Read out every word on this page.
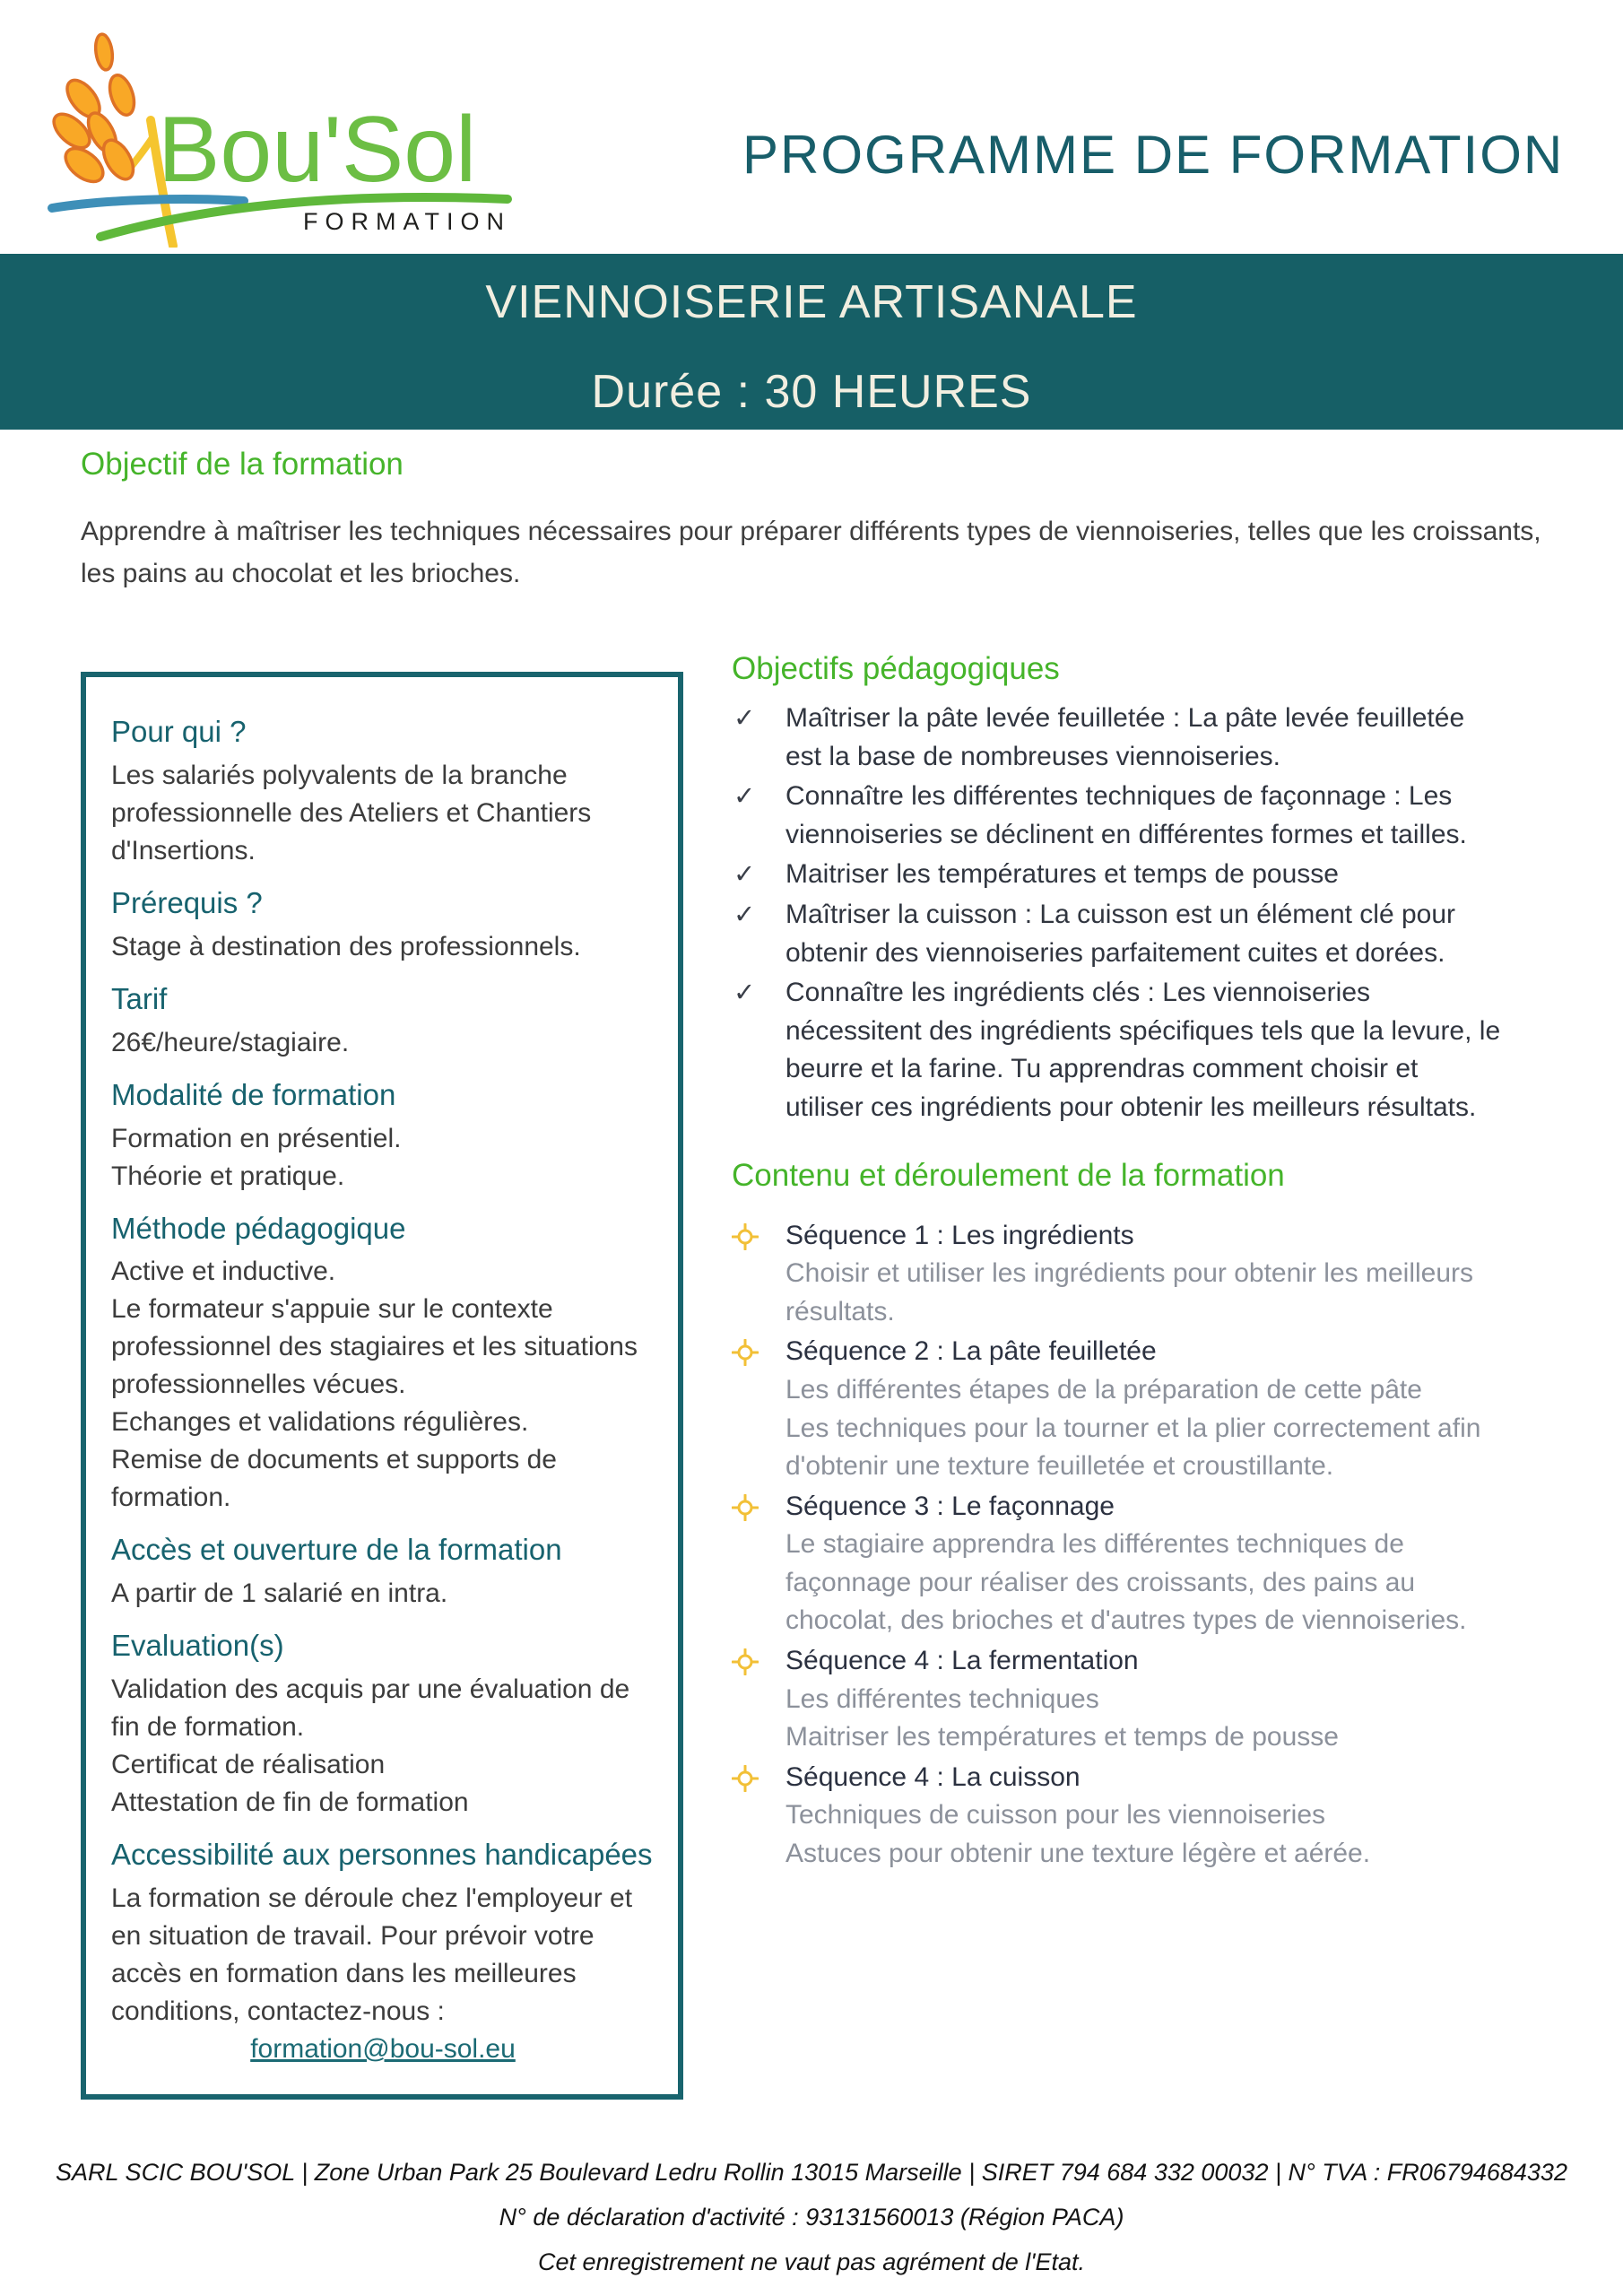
Bou'Sol
FORMATION
PROGRAMME DE FORMATION
VIENNOISERIE ARTISANALE
Durée : 30 HEURES
Objectif de la formation

Apprendre à maîtriser les techniques nécessaires pour préparer différents types de viennoiseries, telles que les croissants, les pains au chocolat et les brioches.

Pour qui ?

Les salariés polyvalents de la branche professionnelle des Ateliers et Chantiers d'Insertions.

Prérequis ?

Stage à destination des professionnels.

Tarif

26€/heure/stagiaire.

Modalité de formation

Formation en présentiel.

Théorie et pratique.

Méthode pédagogique

Active et inductive.

Le formateur s'appuie sur le contexte professionnel des stagiaires et les situations professionnelles vécues.

Echanges et validations régulières.

Remise de documents et supports de formation.

Accès et ouverture de la formation

A partir de 1 salarié en intra.

Evaluation(s)

Validation des acquis par une évaluation de fin de formation.

Certificat de réalisation

Attestation de fin de formation

Accessibilité aux personnes handicapées

La formation se déroule chez l'employeur et en situation de travail. Pour prévoir votre accès en formation dans les meilleures conditions, contactez-nous :

formation@bou-sol.eu

Objectifs pédagogiques
✓ Maîtriser la pâte levée feuilletée : La pâte levée feuilletée est la base de nombreuses viennoiseries.
✓ Connaître les différentes techniques de façonnage : Les viennoiseries se déclinent en différentes formes et tailles.
✓ Maitriser les températures et temps de pousse
✓ Maîtriser la cuisson : La cuisson est un élément clé pour obtenir des viennoiseries parfaitement cuites et dorées.
✓ Connaître les ingrédients clés : Les viennoiseries nécessitent des ingrédients spécifiques tels que la levure, le beurre et la farine. Tu apprendras comment choisir et utiliser ces ingrédients pour obtenir les meilleurs résultats.
Contenu et déroulement de la formation
Séquence 1 : Les ingrédients

Choisir et utiliser les ingrédients pour obtenir les meilleurs résultats.

Séquence 2 : La pâte feuilletée

Les différentes étapes de la préparation de cette pâte

Les techniques pour la tourner et la plier correctement afin d'obtenir une texture feuilletée et croustillante.

Séquence 3 : Le façonnage

Le stagiaire apprendra les différentes techniques de façonnage pour réaliser des croissants, des pains au chocolat, des brioches et d'autres types de viennoiseries.

Séquence 4 : La fermentation

Les différentes techniques

Maitriser les températures et temps de pousse

Séquence 4 : La cuisson

Techniques de cuisson pour les viennoiseries

Astuces pour obtenir une texture légère et aérée.

SARL SCIC BOU'SOL | Zone Urban Park 25 Boulevard Ledru Rollin 13015 Marseille | SIRET 794 684 332 00032 | N° TVA : FR06794684332
N° de déclaration d'activité : 93131560013 (Région PACA)
Cet enregistrement ne vaut pas agrément de l'Etat.
